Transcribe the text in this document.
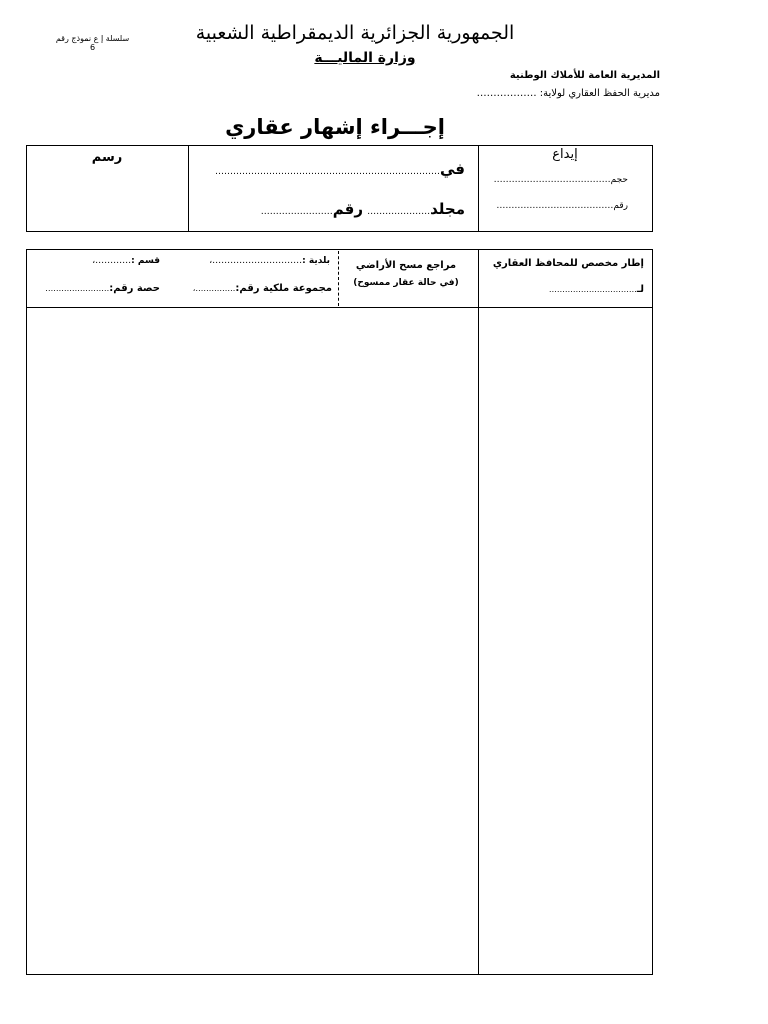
سلسلة إ ع نموذج رقم 6
الجمهورية الجزائرية الديمقراطية الشعبية
وزارة الماليـــة
المديرية العامة للأملاك الوطنية
مديرية الحفظ العقاري لولاية: ………………
إجـــراء إشهار عقاري
رسم
في…………………………………………………………………
مجلد………………… رقم……………………
إيداع
حجم…………………………………
رقم…………………………………
إطار مخصص للمحافظ العقاري
لـ……………………………
مراجع مسح الأراضي
(في حالة عقار ممسوح)
بلدية :…………………………،
قسم :…………،
مجموعة ملكية رقم:……………،
حصة رقم:……………………
